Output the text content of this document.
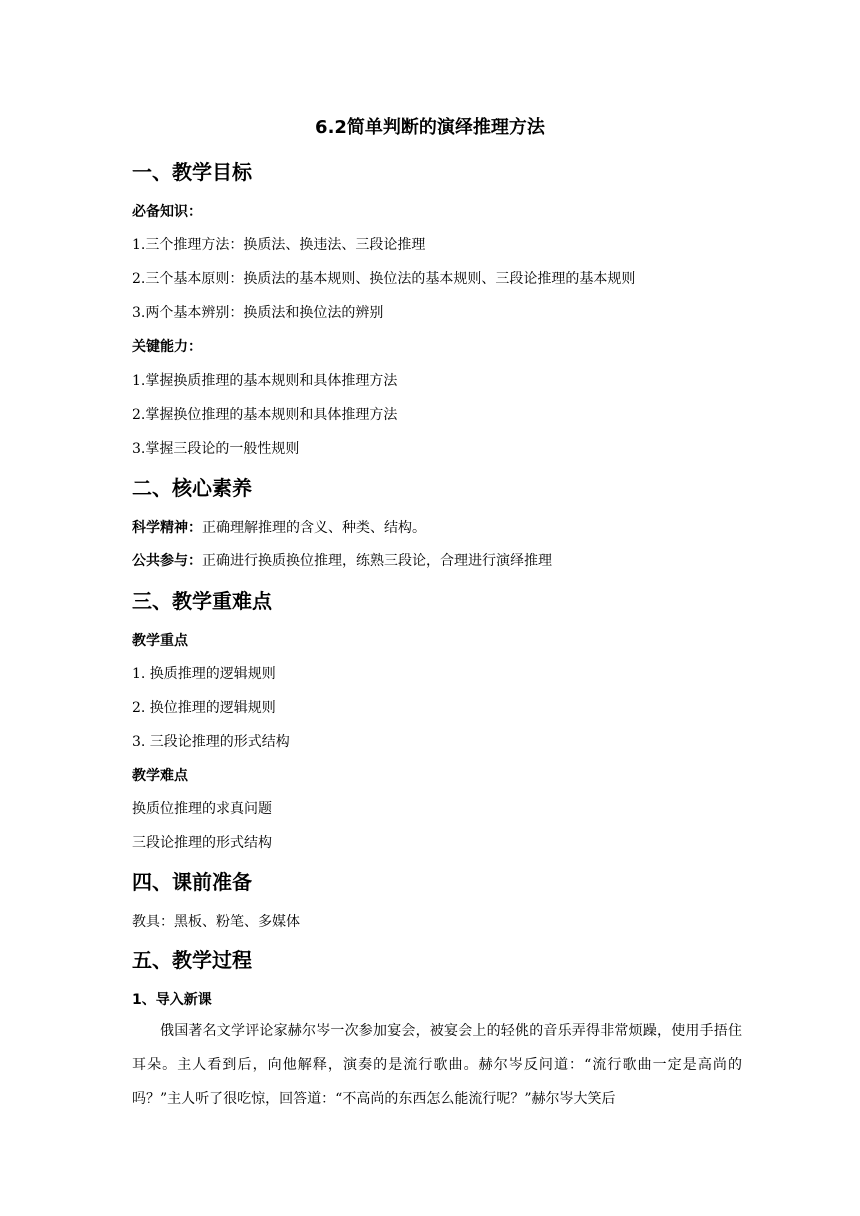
6.2简单判断的演绎推理方法
一、教学目标
必备知识：
1.三个推理方法：换质法、换违法、三段论推理
2.三个基本原则：换质法的基本规则、换位法的基本规则、三段论推理的基本规则
3.两个基本辨别：换质法和换位法的辨别
关键能力：
1.掌握换质推理的基本规则和具体推理方法
2.掌握换位推理的基本规则和具体推理方法
3.掌握三段论的一般性规则
二、核心素养
科学精神：正确理解推理的含义、种类、结构。
公共参与：正确进行换质换位推理，练熟三段论，合理进行演绎推理
三、教学重难点
教学重点
1. 换质推理的逻辑规则
2. 换位推理的逻辑规则
3. 三段论推理的形式结构
教学难点
换质位推理的求真问题
三段论推理的形式结构
四、课前准备
教具：黑板、粉笔、多媒体
五、教学过程
1、导入新课
俄国著名文学评论家赫尔岑一次参加宴会，被宴会上的轻佻的音乐弄得非常烦躁，使用手捂住耳朵。主人看到后，向他解释，演奏的是流行歌曲。赫尔岑反问道：“流行歌曲一定是高尚的吗？”主人听了很吃惊，回答道：“不高尚的东西怎么能流行呢？”赫尔岑大笑后
